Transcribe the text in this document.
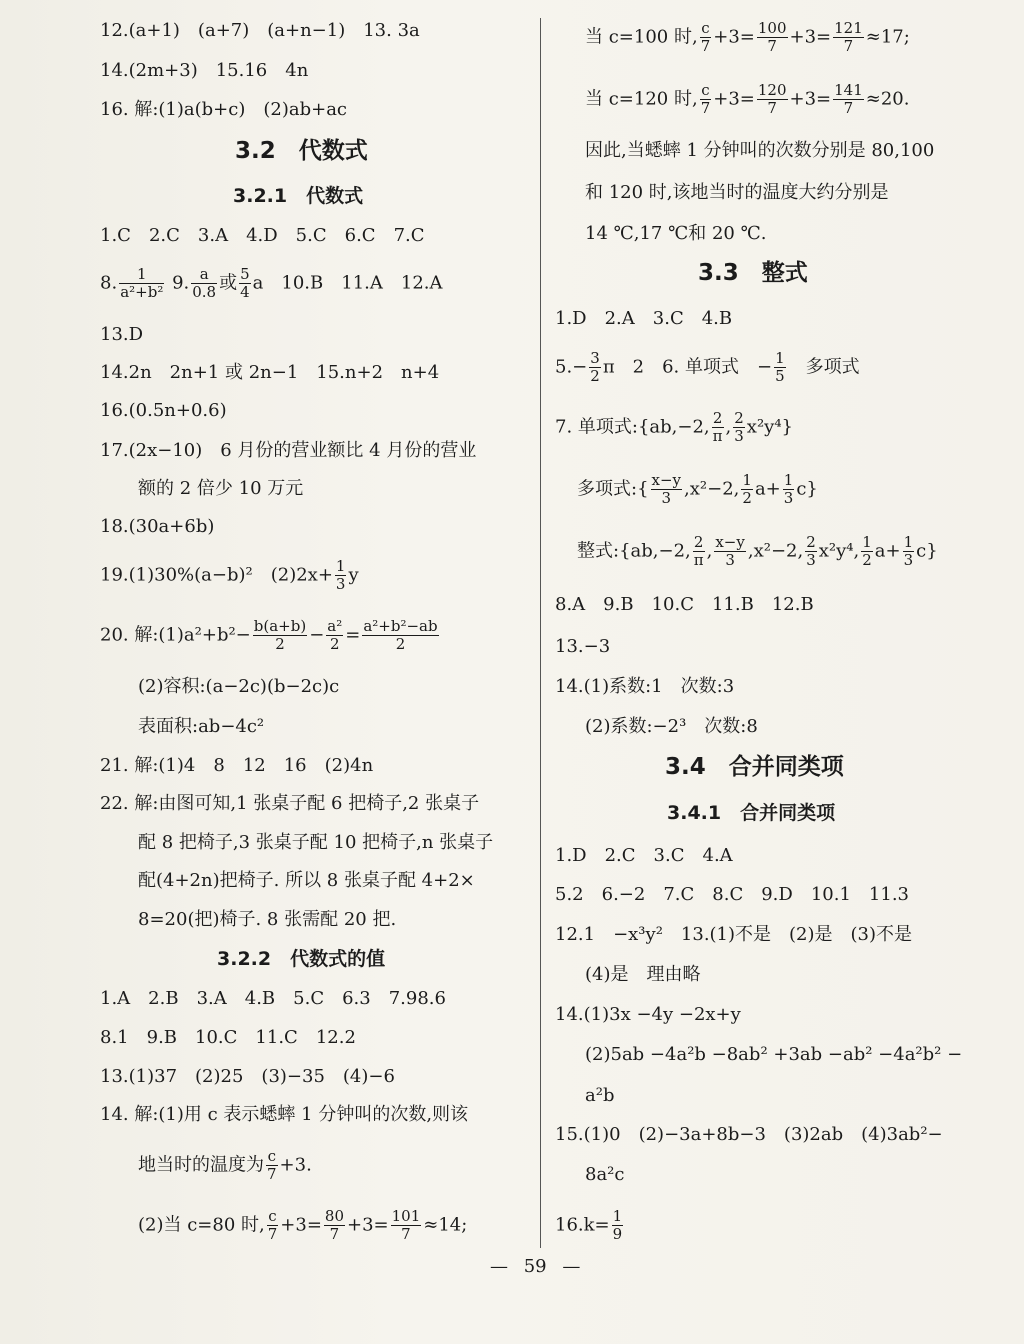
12.(a+1)　(a+7)　(a+n−1)　13. 3a
14.(2m+3)　15.16　4n
16. 解:(1)a(b+c)　(2)ab+ac
3.2　代数式
3.2.1　代数式
1.C　2.C　3.A　4.D　5.C　6.C　7.C
8. $\frac{1}{\text{a²+b²}} 9$. $\frac{a}{0.8}$ 或 $\frac{5}{4}$ a　10.B　11.A　12.A
13.D
14.2n　2n+1 或 2n−1　15.n+2　n+4
16.(0.5n+0.6)
17.(2x−10)　6 月份的营业额比 4 月份的营业
额的 2 倍少 10 万元
18.(30a+6b)
19.(1)30%(a−b)²　$(2)2x+ \frac{1}{3}$ y
20. 解:(1)a²+b²− $\frac{b(a+b)}{2} - \frac{\text{a²}}{2} = \frac{\text{a²+b²−ab}}{2}$
(2)容积:(a−2c)(b−2c)c
表面积:ab−4c²
21. 解:(1)4　8　12　16　(2)4n
22. 解:由图可知,1 张桌子配 6 把椅子,2 张桌子
配 8 把椅子,3 张桌子配 10 把椅子,n 张桌子
配(4+2n)把椅子. 所以 8 张桌子配 4+2×
8=20(把)椅子. 8 张需配 20 把.
3.2.2　代数式的值
1.A　2.B　3.A　4.B　5.C　6.3　7.98.6
8.1　9.B　10.C　11.C　12.2
13.(1)37　(2)25　(3)−35　(4)−6
14. 解:(1)用 c 表示蟋蟀 1 分钟叫的次数,则该
地当时的温度为 $\frac{c}{7} +3$.
(2)当 c=80 时, $\frac{c}{7} +3= \frac{80}{7} +3= \frac{101}{7} \approx 14$;
当 c=100 时, $\frac{c}{7} +3= \frac{100}{7} +3= \frac{121}{7} \approx 17$;
当 c=120 时, $\frac{c}{7} +3= \frac{120}{7} +3= \frac{141}{7} \approx 20$.
因此,当蟋蟀 1 分钟叫的次数分别是 80,100
和 120 时,该地当时的温度大约分别是
14 ℃,17 ℃和 20 ℃.
3.3　整式
1.D　2.A　3.C　4.B
$5.- \frac{3}{2}$ π　2　6. 单项式　− $\frac{1}{5}$ 　多项式
7. 单项式:{ab,−2, $\frac{2}{\pi}$ , $\frac{2}{3} x^2y^4$}
多项式:{ $\frac{x-y}{3} ,x^2-2$, $\frac{1}{2} a+ \frac{1}{3} c$}
整式:{ab,−2, $\frac{2}{\pi}$ , $\frac{x-y}{3} ,x^2-2$, $\frac{2}{3} x^2y^4$, $\frac{1}{2} a+ \frac{1}{3} c$}
8.A　9.B　10.C　11.B　12.B
13.−3
14.(1)系数:1　次数:3
(2)系数:−2³　次数:8
3.4　合并同类项
3.4.1　合并同类项
1.D　2.C　3.C　4.A
5.2　6.−2　7.C　8.C　9.D　10.1　11.3
12.1　−x³y²　13.(1)不是　(2)是　(3)不是
(4)是　理由略
14.(1)3x −4y −2x+y
(2)5ab −4a²b −8ab² +3ab −ab² −4a²b² −
a²b
15.(1)0　(2)−3a+8b−3　(3)2ab　(4)3ab²−
8a²c
$16.k= \frac{1}{9}$
— 59 —
